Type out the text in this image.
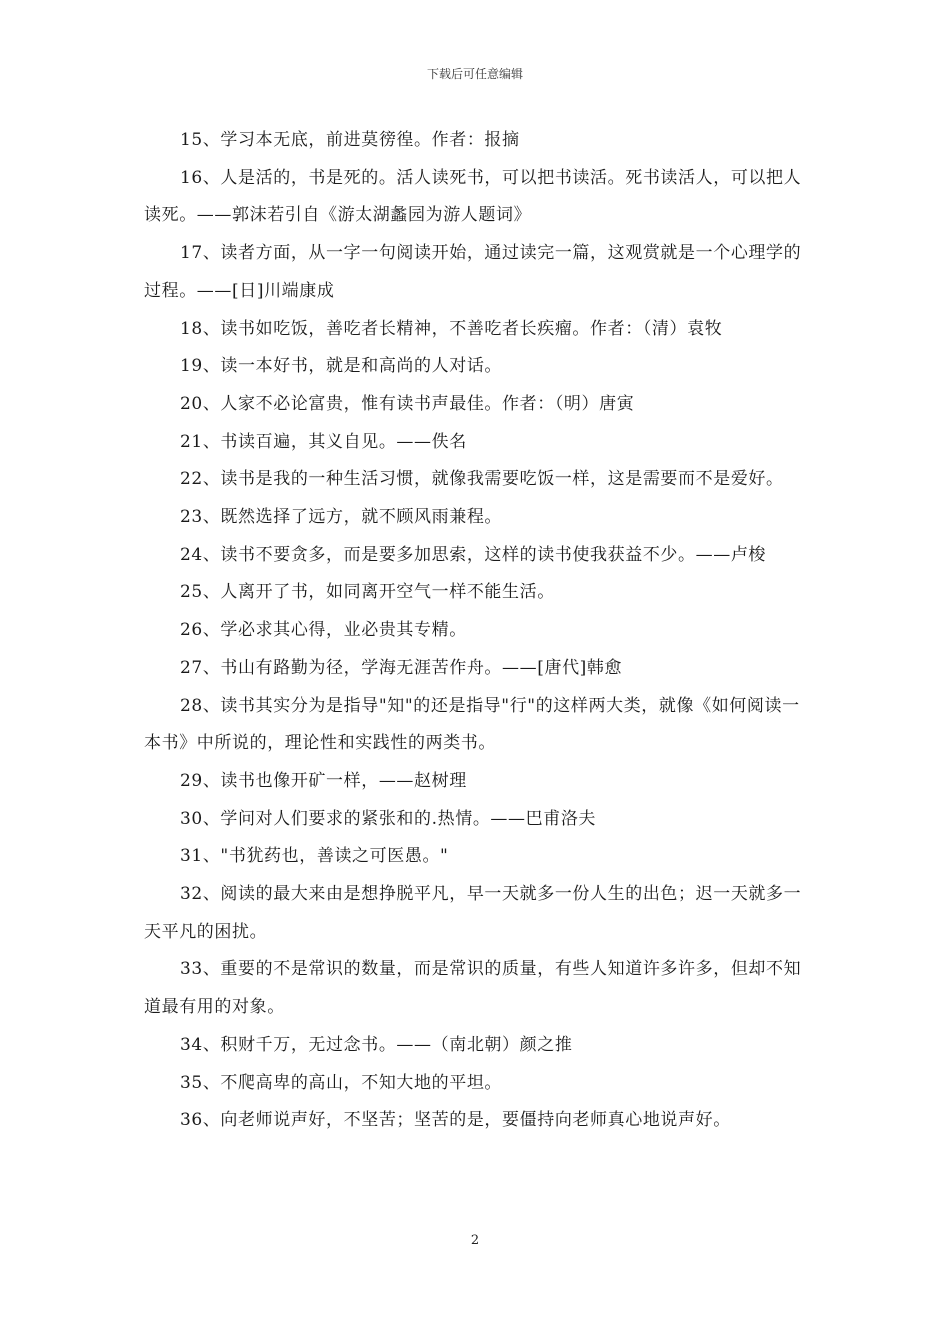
下载后可任意编辑

15、学习本无底，前进莫徬徨。作者：报摘

16、人是活的，书是死的。活人读死书，可以把书读活。死书读活人，可以把人读死。——郭沫若引自《游太湖蠡园为游人题词》

17、读者方面，从一字一句阅读开始，通过读完一篇，这观赏就是一个心理学的过程。——[日]川端康成

18、读书如吃饭，善吃者长精神，不善吃者长疾瘤。作者：（清）袁牧

19、读一本好书，就是和高尚的人对话。

20、人家不必论富贵，惟有读书声最佳。作者：（明）唐寅

21、书读百遍，其义自见。——佚名

22、读书是我的一种生活习惯，就像我需要吃饭一样，这是需要而不是爱好。

23、既然选择了远方，就不顾风雨兼程。

24、读书不要贪多，而是要多加思索，这样的读书使我获益不少。——卢梭

25、人离开了书，如同离开空气一样不能生活。

26、学必求其心得，业必贵其专精。

27、书山有路勤为径，学海无涯苦作舟。——[唐代]韩愈

28、读书其实分为是指导"知"的还是指导"行"的这样两大类，就像《如何阅读一本书》中所说的，理论性和实践性的两类书。

29、读书也像开矿一样，——赵树理

30、学问对人们要求的紧张和的.热情。——巴甫洛夫

31、"书犹药也，善读之可医愚。"

32、阅读的最大来由是想挣脱平凡，早一天就多一份人生的出色；迟一天就多一天平凡的困扰。

33、重要的不是常识的数量，而是常识的质量，有些人知道许多许多，但却不知道最有用的对象。

34、积财千万，无过念书。——（南北朝）颜之推

35、不爬高卑的高山，不知大地的平坦。

36、向老师说声好，不坚苦；坚苦的是，要僵持向老师真心地说声好。

2
